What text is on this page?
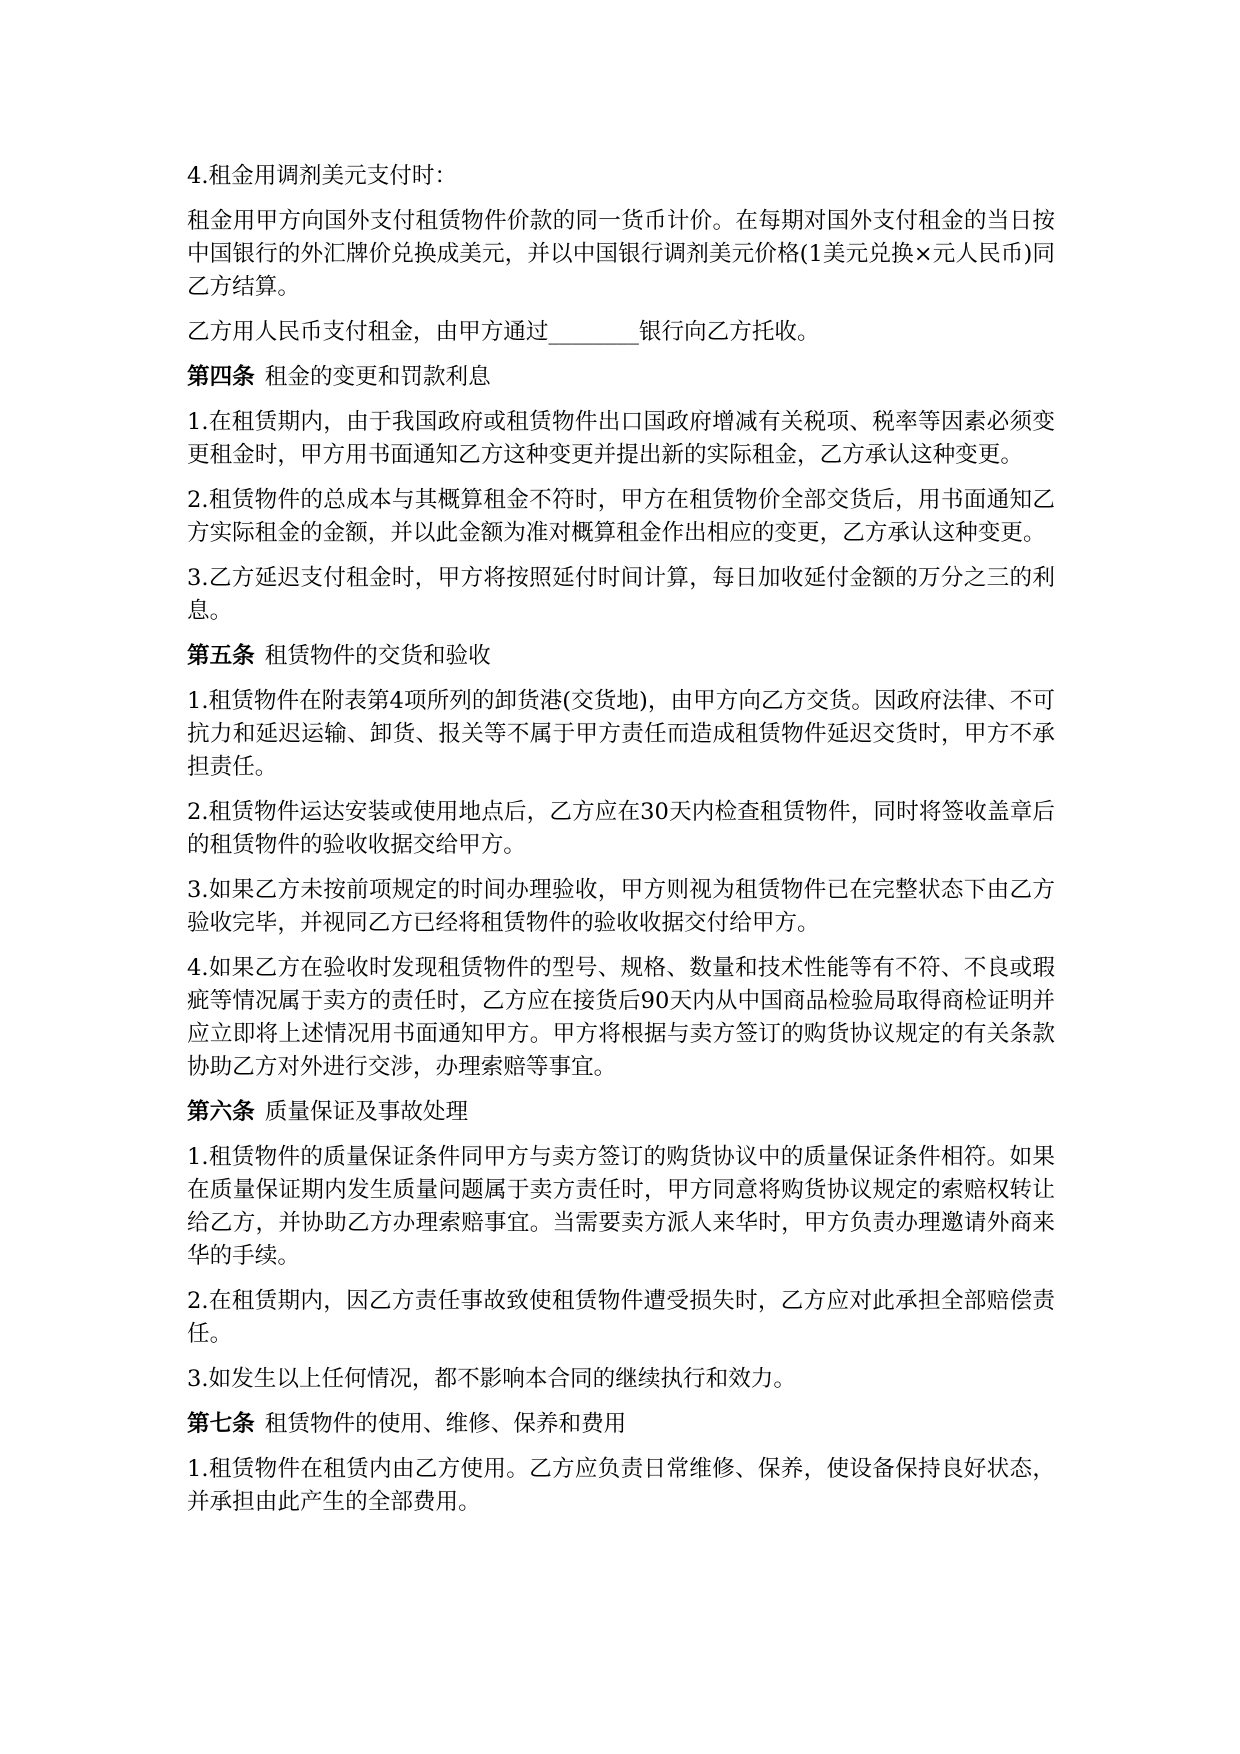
4.租金用调剂美元支付时：

租金用甲方向国外支付租赁物件价款的同一货币计价。在每期对国外支付租金的当日按中国银行的外汇牌价兑换成美元，并以中国银行调剂美元价格(1美元兑换×元人民币)同乙方结算。

乙方用人民币支付租金，由甲方通过________银行向乙方托收。

第四条 租金的变更和罚款利息

1.在租赁期内，由于我国政府或租赁物件出口国政府增减有关税项、税率等因素必须变更租金时，甲方用书面通知乙方这种变更并提出新的实际租金，乙方承认这种变更。

2.租赁物件的总成本与其概算租金不符时，甲方在租赁物价全部交货后，用书面通知乙方实际租金的金额，并以此金额为准对概算租金作出相应的变更，乙方承认这种变更。

3.乙方延迟支付租金时，甲方将按照延付时间计算，每日加收延付金额的万分之三的利息。

第五条 租赁物件的交货和验收

1.租赁物件在附表第4项所列的卸货港(交货地)，由甲方向乙方交货。因政府法律、不可抗力和延迟运输、卸货、报关等不属于甲方责任而造成租赁物件延迟交货时，甲方不承担责任。

2.租赁物件运达安装或使用地点后，乙方应在30天内检查租赁物件，同时将签收盖章后的租赁物件的验收收据交给甲方。

3.如果乙方未按前项规定的时间办理验收，甲方则视为租赁物件已在完整状态下由乙方验收完毕，并视同乙方已经将租赁物件的验收收据交付给甲方。

4.如果乙方在验收时发现租赁物件的型号、规格、数量和技术性能等有不符、不良或瑕疵等情况属于卖方的责任时，乙方应在接货后90天内从中国商品检验局取得商检证明并应立即将上述情况用书面通知甲方。甲方将根据与卖方签订的购货协议规定的有关条款协助乙方对外进行交涉，办理索赔等事宜。

第六条 质量保证及事故处理

1.租赁物件的质量保证条件同甲方与卖方签订的购货协议中的质量保证条件相符。如果在质量保证期内发生质量问题属于卖方责任时，甲方同意将购货协议规定的索赔权转让给乙方，并协助乙方办理索赔事宜。当需要卖方派人来华时，甲方负责办理邀请外商来华的手续。

2.在租赁期内，因乙方责任事故致使租赁物件遭受损失时，乙方应对此承担全部赔偿责任。

3.如发生以上任何情况，都不影响本合同的继续执行和效力。

第七条 租赁物件的使用、维修、保养和费用

1.租赁物件在租赁内由乙方使用。乙方应负责日常维修、保养，使设备保持良好状态，并承担由此产生的全部费用。
